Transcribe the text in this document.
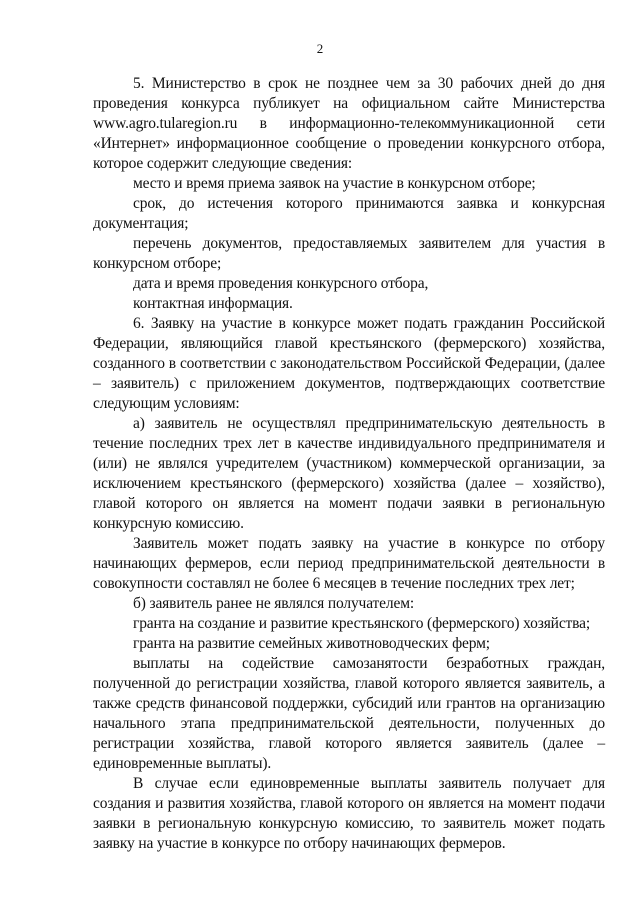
2

5. Министерство в срок не позднее чем за 30 рабочих дней до дня проведения конкурса публикует на официальном сайте Министерства www.agro.tularegion.ru в информационно-телекоммуникационной сети «Интернет» информационное сообщение о проведении конкурсного отбора, которое содержит следующие сведения:

место и время приема заявок на участие в конкурсном отборе;

срок, до истечения которого принимаются заявка и конкурсная документация;

перечень документов, предоставляемых заявителем для участия в конкурсном отборе;

дата и время проведения конкурсного отбора,

контактная информация.

6. Заявку на участие в конкурсе может подать гражданин Российской Федерации, являющийся главой крестьянского (фермерского) хозяйства, созданного в соответствии с законодательством Российской Федерации, (далее – заявитель) с приложением документов, подтверждающих соответствие следующим условиям:

а) заявитель не осуществлял предпринимательскую деятельность в течение последних трех лет в качестве индивидуального предпринимателя и (или) не являлся учредителем (участником) коммерческой организации, за исключением крестьянского (фермерского) хозяйства (далее – хозяйство), главой которого он является на момент подачи заявки в региональную конкурсную комиссию.

Заявитель может подать заявку на участие в конкурсе по отбору начинающих фермеров, если период предпринимательской деятельности в совокупности составлял не более 6 месяцев в течение последних трех лет;

б) заявитель ранее не являлся получателем:

гранта на создание и развитие крестьянского (фермерского) хозяйства;

гранта на развитие семейных животноводческих ферм;

выплаты на содействие самозанятости безработных граждан, полученной до регистрации хозяйства, главой которого является заявитель, а также средств финансовой поддержки, субсидий или грантов на организацию начального этапа предпринимательской деятельности, полученных до регистрации хозяйства, главой которого является заявитель (далее – единовременные выплаты).

В случае если единовременные выплаты заявитель получает для создания и развития хозяйства, главой которого он является на момент подачи заявки в региональную конкурсную комиссию, то заявитель может подать заявку на участие в конкурсе по отбору начинающих фермеров.
